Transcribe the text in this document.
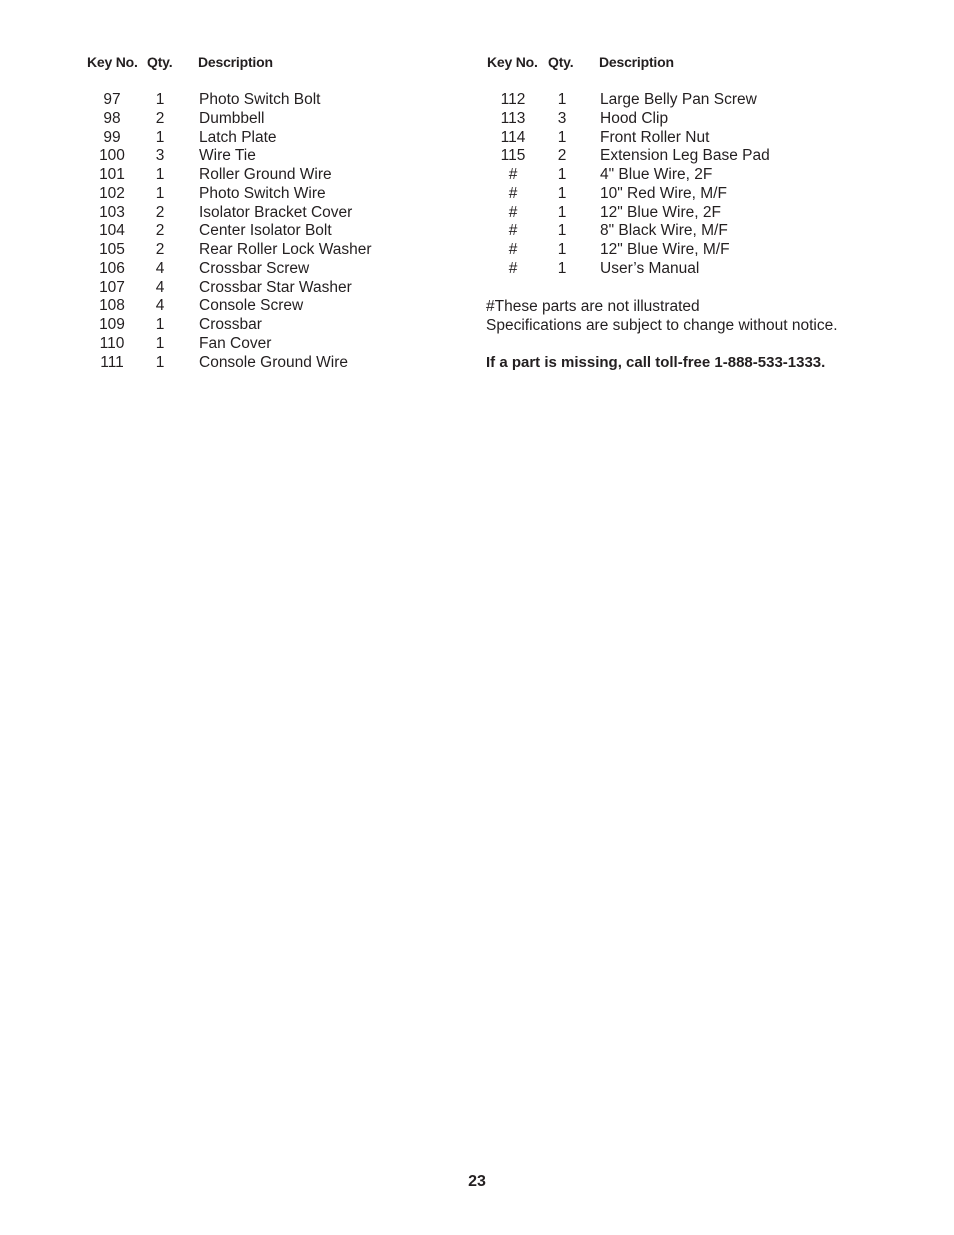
Key No. Qty. Description
97	1	Photo Switch Bolt
98	2	Dumbbell
99	1	Latch Plate
100	3	Wire Tie
101	1	Roller Ground Wire
102	1	Photo Switch Wire
103	2	Isolator Bracket Cover
104	2	Center Isolator Bolt
105	2	Rear Roller Lock Washer
106	4	Crossbar Screw
107	4	Crossbar Star Washer
108	4	Console Screw
109	1	Crossbar
110	1	Fan Cover
111	1	Console Ground Wire
Key No. Qty. Description
112	1	Large Belly Pan Screw
113	3	Hood Clip
114	1	Front Roller Nut
115	2	Extension Leg Base Pad
#	1	4" Blue Wire, 2F
#	1	10" Red Wire, M/F
#	1	12" Blue Wire, 2F
#	1	8" Black Wire, M/F
#	1	12" Blue Wire, M/F
#	1	User’s Manual
#These parts are not illustrated
Specifications are subject to change without notice.
If a part is missing, call toll-free 1-888-533-1333.
23
